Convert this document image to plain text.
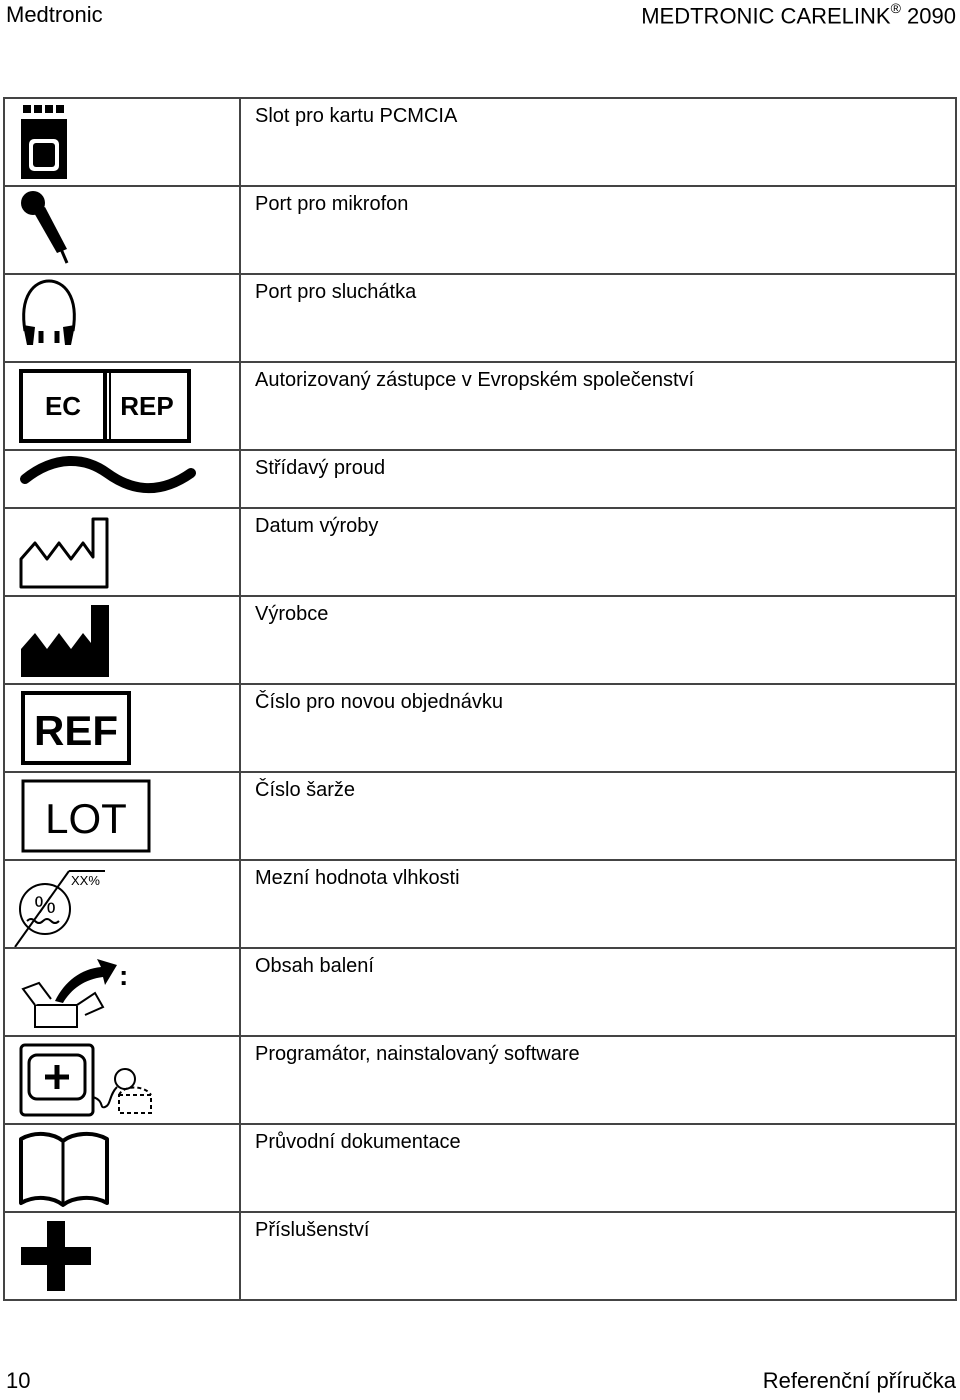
Medtronic	MEDTRONIC CARELINK® 2090
	Slot pro kartu PCMCIA

	Port pro mikrofon

	Port pro sluchátka

EC REP	Autorizovaný zástupce v Evropském společenství

	Střídavý proud

	Datum výroby

	Výrobce

REF	Číslo pro novou objednávku

LOT	Číslo šarže

XX%
%	Mezní hodnota vlhkosti

:	Obsah balení

	Programátor, nainstalovaný software

	Průvodní dokumentace

	Příslušenství
10	Referenční příručka
